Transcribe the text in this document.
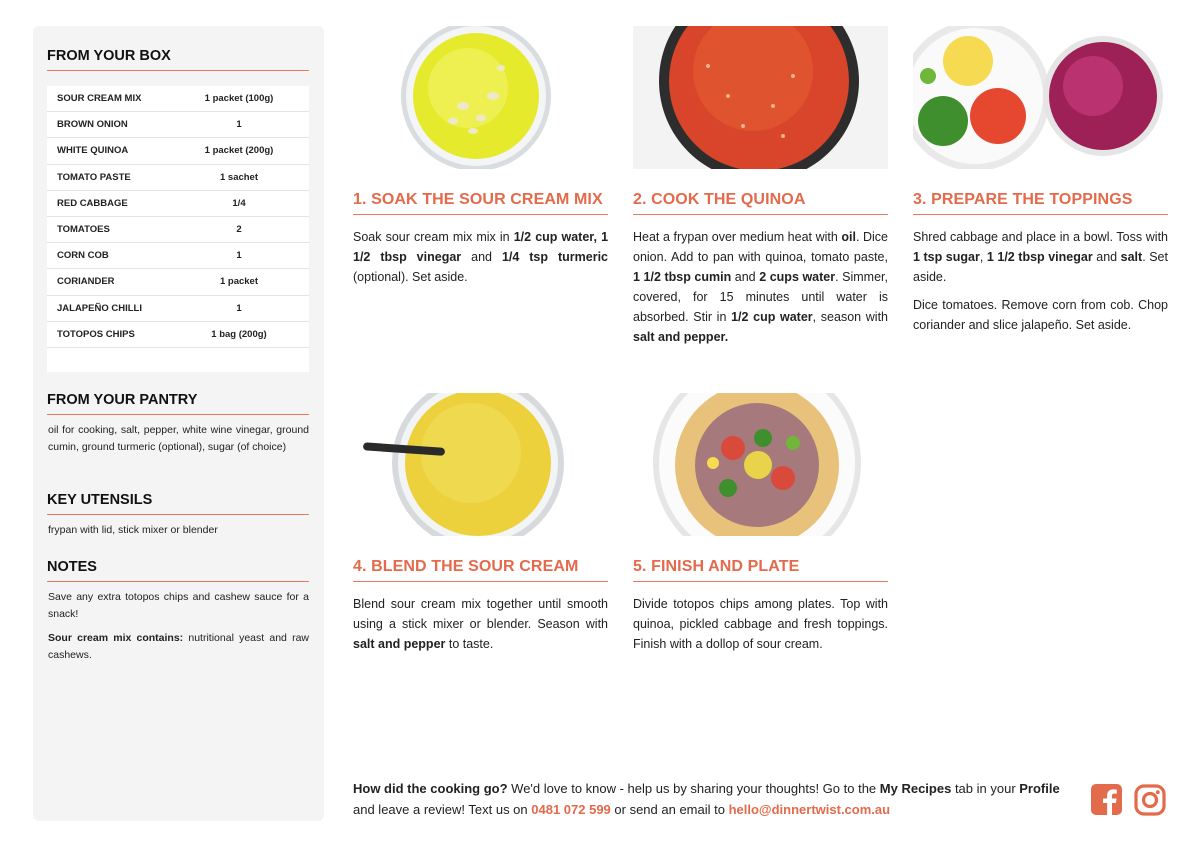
FROM YOUR BOX
SOUR CREAM MIX	1 packet (100g)
BROWN ONION	1
WHITE QUINOA	1 packet (200g)
TOMATO PASTE	1 sachet
RED CABBAGE	1/4
TOMATOES	2
CORN COB	1
CORIANDER	1 packet
JALAPEÑO CHILLI	1
TOTOPOS CHIPS	1 bag (200g)
FROM YOUR PANTRY
oil for cooking, salt, pepper, white wine vinegar, ground cumin, ground turmeric (optional), sugar (of choice)
KEY UTENSILS
frypan with lid, stick mixer or blender
NOTES
Save any extra totopos chips and cashew sauce for a snack!
Sour cream mix contains: nutritional yeast and raw cashews.
1. SOAK THE SOUR CREAM MIX

Soak sour cream mix mix in 1/2 cup water, 1 1/2 tbsp vinegar and 1/4 tsp turmeric (optional). Set aside.

2. COOK THE QUINOA

Heat a frypan over medium heat with oil. Dice onion. Add to pan with quinoa, tomato paste, 1 1/2 tbsp cumin and 2 cups water. Simmer, covered, for 15 minutes until water is absorbed. Stir in 1/2 cup water, season with salt and pepper.

3. PREPARE THE TOPPINGS

Shred cabbage and place in a bowl. Toss with 1 tsp sugar, 1 1/2 tbsp vinegar and salt. Set aside.

Dice tomatoes. Remove corn from cob. Chop coriander and slice jalapeño. Set aside.

4. BLEND THE SOUR CREAM

Blend sour cream mix together until smooth using a stick mixer or blender. Season with salt and pepper to taste.

5. FINISH AND PLATE

Divide totopos chips among plates. Top with quinoa, pickled cabbage and fresh toppings. Finish with a dollop of sour cream.

How did the cooking go? We'd love to know - help us by sharing your thoughts! Go to the My Recipes tab in your Profile and leave a review! Text us on 0481 072 599 or send an email to hello@dinnertwist.com.au
